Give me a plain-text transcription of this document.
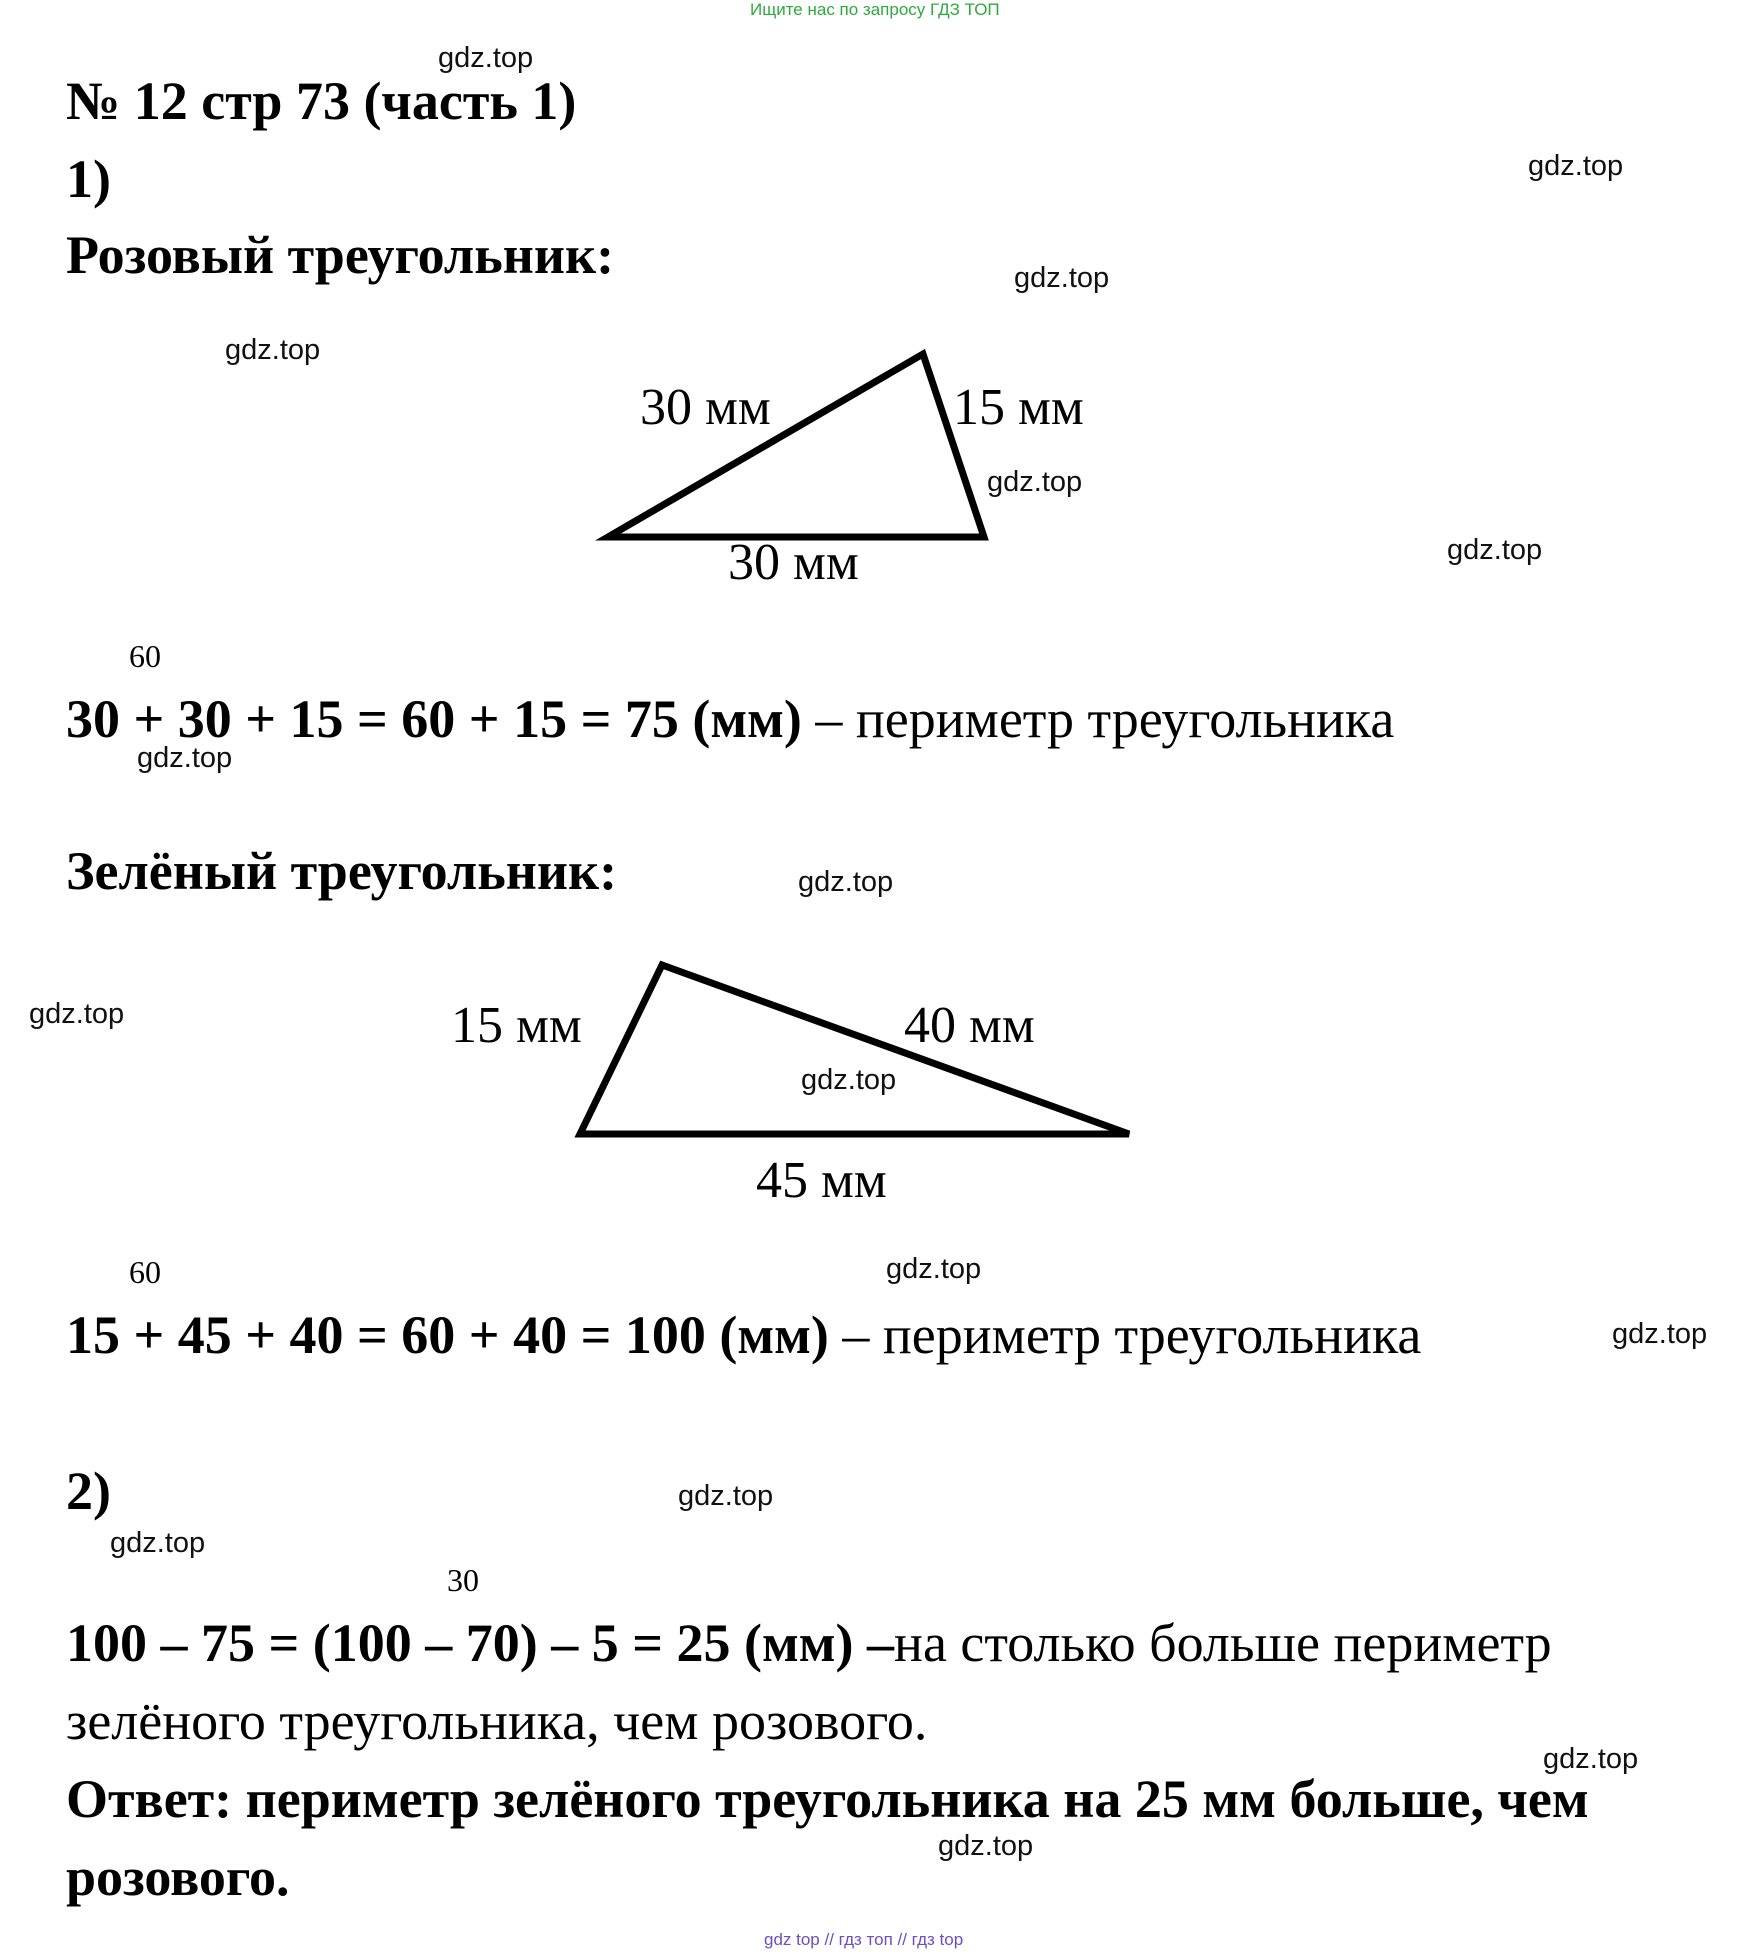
Ищите нас по запросу ГДЗ ТОП
gdz top // гдз топ // гдз top
gdz.top
gdz.top
gdz.top
gdz.top
gdz.top
gdz.top
gdz.top
gdz.top
gdz.top
gdz.top
gdz.top
gdz.top
gdz.top
gdz.top
gdz.top
gdz.top
№ 12 стр 73 (часть 1)
1)
Розовый треугольник:
30 мм	15 мм
30 мм
60
30 + 30 + 15 = 60 + 15 = 75 (мм) – периметр треугольника
Зелёный треугольник:
15 мм	40 мм
45 мм
60
15 + 45 + 40 = 60 + 40 = 100 (мм) – периметр треугольника
2)
30
100 – 75 = (100 – 70) – 5 = 25 (мм) –на столько больше периметр
зелёного треугольника, чем розового.
Ответ: периметр зелёного треугольника на 25 мм больше, чем
розового.
